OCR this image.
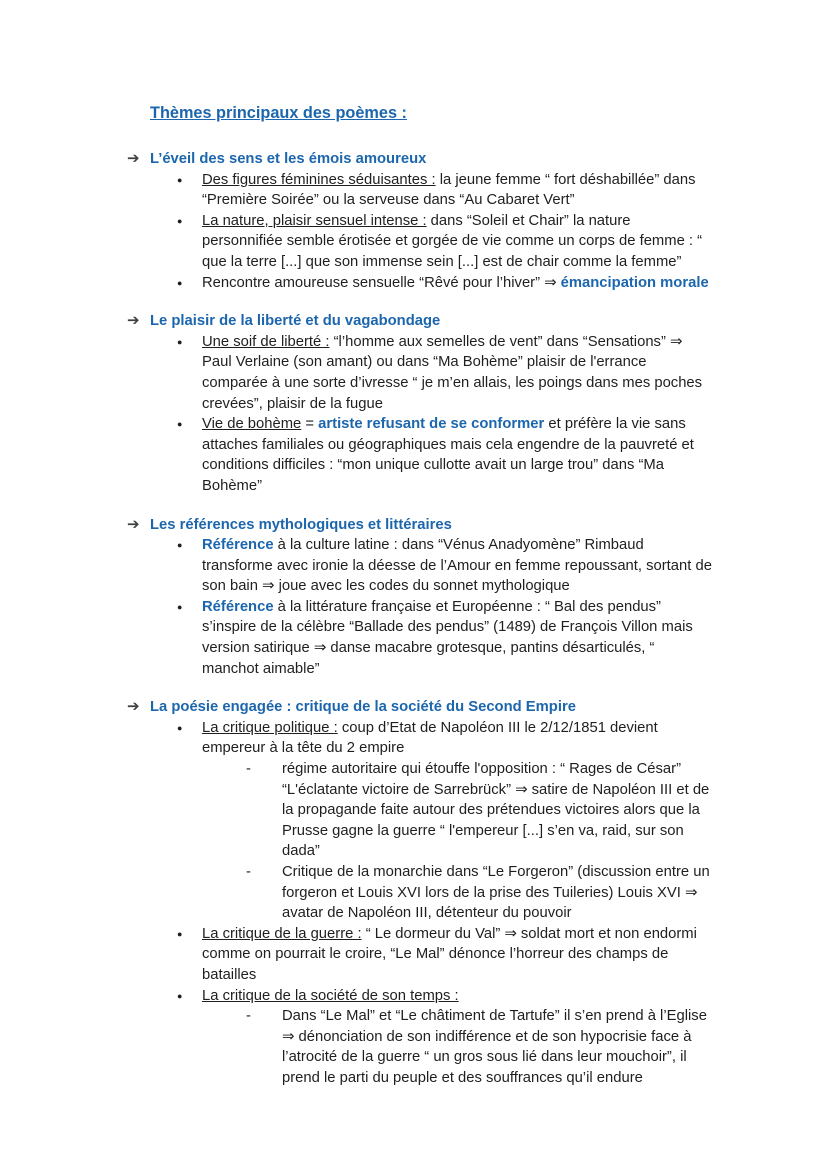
Thèmes principaux des poèmes :
➔ L’éveil des sens et les émois amoureux
● Des figures féminines séduisantes : la jeune femme “ fort déshabillée” dans “Première Soirée” ou la serveuse dans “Au Cabaret Vert”
● La nature, plaisir sensuel intense : dans “Soleil et Chair” la nature personnifiée semble érotisée et gorgée de vie comme un corps de femme : “ que la terre [...] que son immense sein [...] est de chair comme la femme”
● Rencontre amoureuse sensuelle “Rêvé pour l’hiver” ⇒ émancipation morale
➔ Le plaisir de la liberté et du vagabondage
● Une soif de liberté : “l’homme aux semelles de vent” dans “Sensations” ⇒ Paul Verlaine (son amant) ou dans “Ma Bohème” plaisir de l'errance comparée à une sorte d’ivresse “ je m’en allais, les poings dans mes poches crevées”, plaisir de la fugue
● Vie de bohème = artiste refusant de se conformer et préfère la vie sans attaches familiales ou géographiques mais cela engendre de la pauvreté et conditions difficiles : “mon unique cullotte avait un large trou” dans “Ma Bohème”
➔ Les références mythologiques et littéraires
● Référence à la culture latine : dans “Vénus Anadyomène” Rimbaud transforme avec ironie la déesse de l’Amour en femme repoussant, sortant de son bain ⇒ joue avec les codes du sonnet mythologique
● Référence à la littérature française et Européenne : “ Bal des pendus” s’inspire de la célèbre “Ballade des pendus” (1489) de François Villon mais version satirique ⇒ danse macabre grotesque, pantins désarticulés, “ manchot aimable”
➔ La poésie engagée : critique de la société du Second Empire
● La critique politique : coup d’Etat de Napoléon III le 2/12/1851 devient empereur à la tête du 2 empire
- régime autoritaire qui étouffe l'opposition : “ Rages de César” “L'éclatante victoire de Sarrebrück” ⇒ satire de Napoléon III et de la propagande faite autour des prétendues victoires alors que la Prusse gagne la guerre “ l'empereur [...] s’en va, raid, sur son dada”
- Critique de la monarchie dans “Le Forgeron” (discussion entre un forgeron et Louis XVI lors de la prise des Tuileries) Louis XVI ⇒ avatar de Napoléon III, détenteur du pouvoir
● La critique de la guerre : “ Le dormeur du Val” ⇒ soldat mort et non endormi comme on pourrait le croire, “Le Mal” dénonce l’horreur des champs de batailles
● La critique de la société de son temps :
- Dans “Le Mal” et “Le châtiment de Tartufe” il s’en prend à l’Eglise ⇒ dénonciation de son indifférence et de son hypocrisie face à l’atrocité de la guerre “ un gros sous lié dans leur mouchoir”, il prend le parti du peuple et des souffrances qu’il endure
